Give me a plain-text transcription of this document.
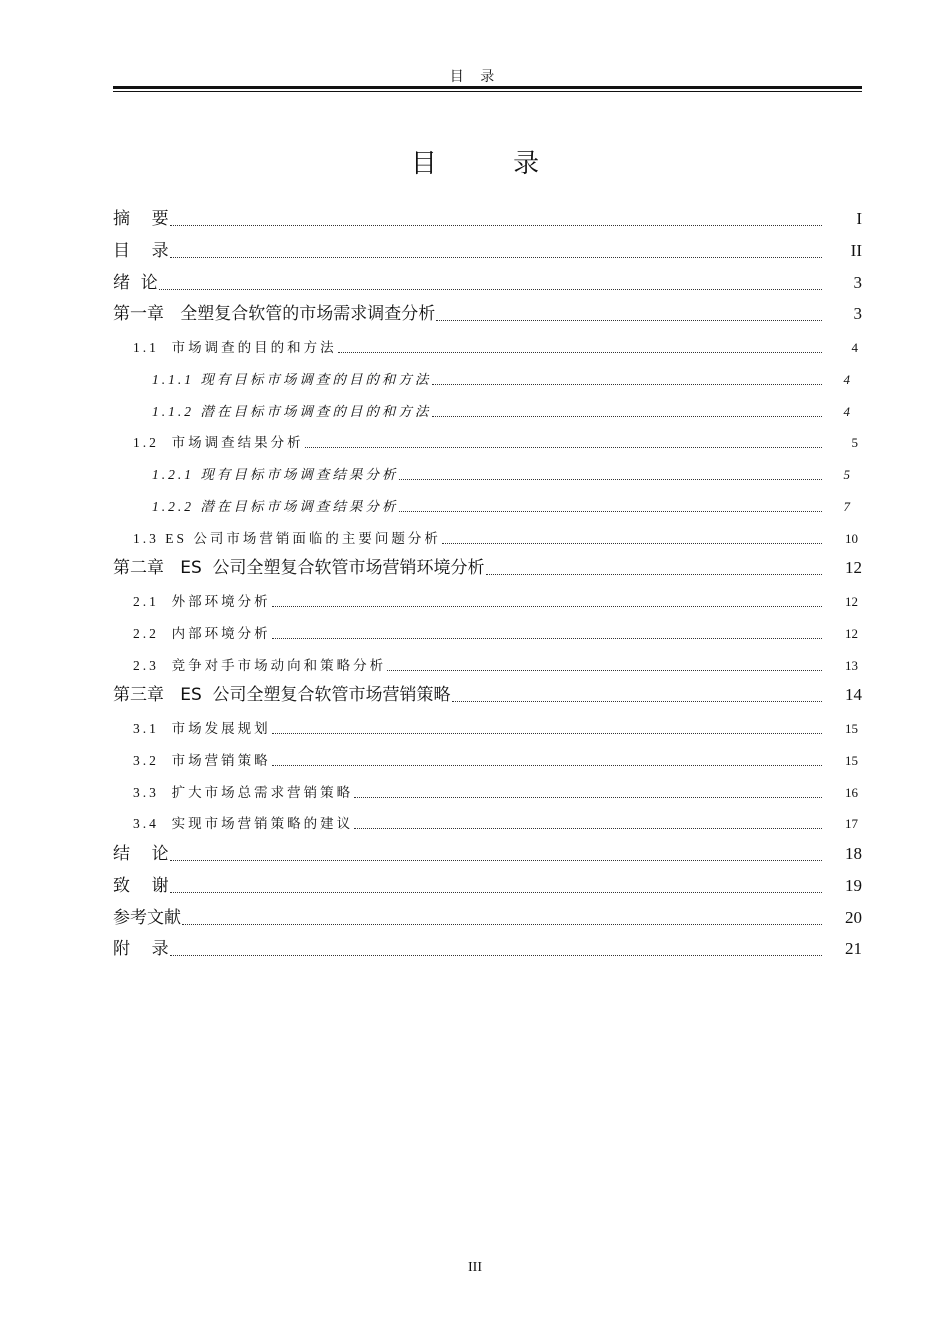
目 录
目 录
摘    要	I
目    录	II
绪  论	3
第一章   全塑复合软管的市场需求调查分析	3
1.1  市场调查的目的和方法	4
1.1.1 现有目标市场调查的目的和方法	4
1.1.2 潜在目标市场调查的目的和方法	4
1.2  市场调查结果分析	5
1.2.1 现有目标市场调查结果分析	5
1.2.2 潜在目标市场调查结果分析	7
1.3 ES 公司市场营销面临的主要问题分析	10
第二章   ES  公司全塑复合软管市场营销环境分析	12
2.1  外部环境分析	12
2.2  内部环境分析	12
2.3  竞争对手市场动向和策略分析	13
第三章   ES  公司全塑复合软管市场营销策略	14
3.1  市场发展规划	15
3.2  市场营销策略	15
3.3  扩大市场总需求营销策略	16
3.4  实现市场营销策略的建议	17
结    论	18
致    谢	19
参考文献	20
附    录	21
III
